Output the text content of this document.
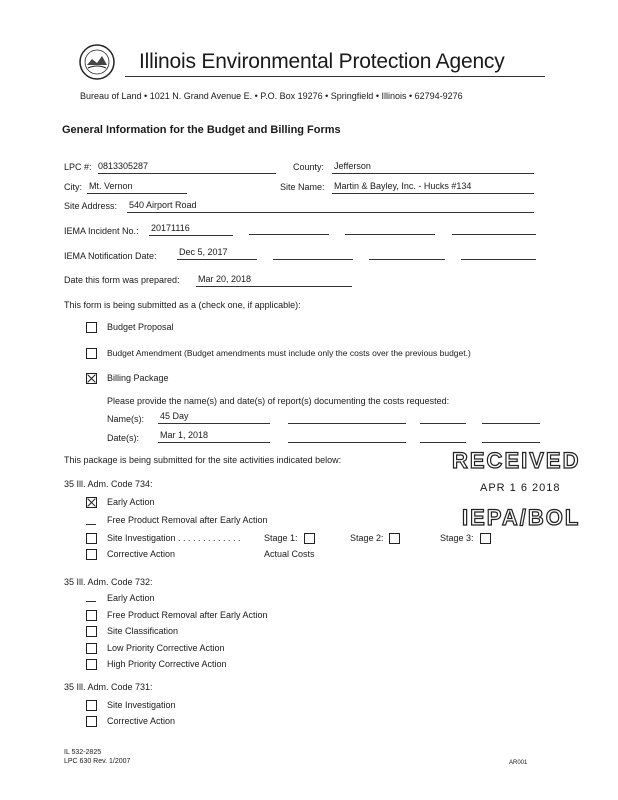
Illinois Environmental Protection Agency
Bureau of Land • 1021 N. Grand Avenue E. • P.O. Box 19276 • Springfield • Illinois • 62794-9276
General Information for the Budget and Billing Forms
LPC #: 0813305287	County: Jefferson
City: Mt. Vernon	Site Name: Martin & Bayley, Inc. - Hucks #134
Site Address: 540 Airport Road
IEMA Incident No.: 20171116
IEMA Notification Date: Dec 5, 2017
Date this form was prepared: Mar 20, 2018
This form is being submitted as a (check one, if applicable):
Budget Proposal
Budget Amendment (Budget amendments must include only the costs over the previous budget.)
Billing Package
Please provide the name(s) and date(s) of report(s) documenting the costs requested:
Name(s): 45 Day
Date(s): Mar 1, 2018
This package is being submitted for the site activities indicated below:	RECEIVED
APR 1 6 2018
IEPA/BOL
35 Ill. Adm. Code 734:
Early Action
Free Product Removal after Early Action
Site Investigation . . . . . . . . . . . . .	Stage 1:	Stage 2:	Stage 3:
Corrective Action	Actual Costs
35 Ill. Adm. Code 732:
Early Action
Free Product Removal after Early Action
Site Classification
Low Priority Corrective Action
High Priority Corrective Action
35 Ill. Adm. Code 731:
Site Investigation
Corrective Action
IL 532-2825
LPC 630 Rev. 1/2007	AR001
